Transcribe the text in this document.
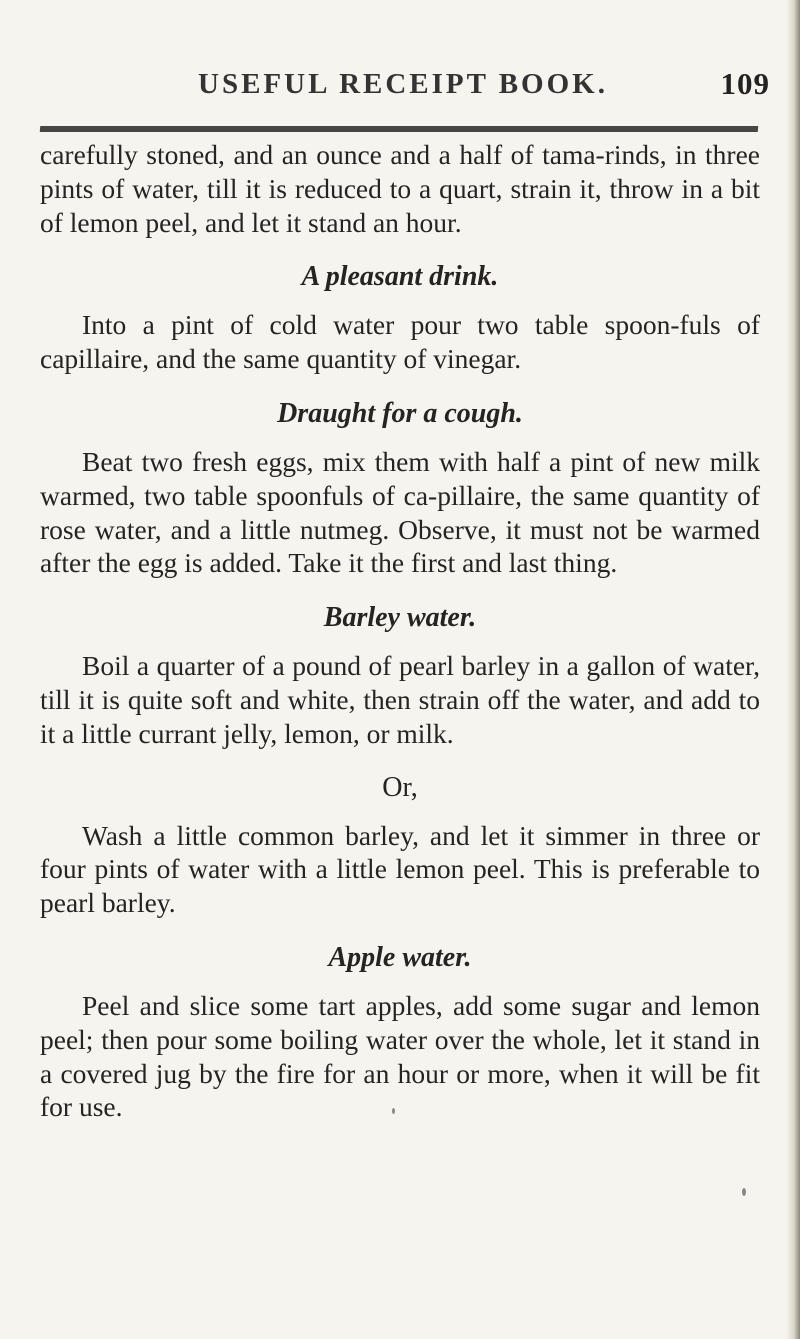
USEFUL RECEIPT BOOK.	109

carefully stoned, and an ounce and a half of tama-rinds, in three pints of water, till it is reduced to a quart, strain it, throw in a bit of lemon peel, and let it stand an hour.

A pleasant drink.

Into a pint of cold water pour two table spoon-fuls of capillaire, and the same quantity of vinegar.

Draught for a cough.

Beat two fresh eggs, mix them with half a pint of new milk warmed, two table spoonfuls of ca-pillaire, the same quantity of rose water, and a little nutmeg. Observe, it must not be warmed after the egg is added. Take it the first and last thing.

Barley water.

Boil a quarter of a pound of pearl barley in a gallon of water, till it is quite soft and white, then strain off the water, and add to it a little currant jelly, lemon, or milk.

Or,

Wash a little common barley, and let it simmer in three or four pints of water with a little lemon peel. This is preferable to pearl barley.

Apple water.

Peel and slice some tart apples, add some sugar and lemon peel; then pour some boiling water over the whole, let it stand in a covered jug by the fire for an hour or more, when it will be fit for use.
